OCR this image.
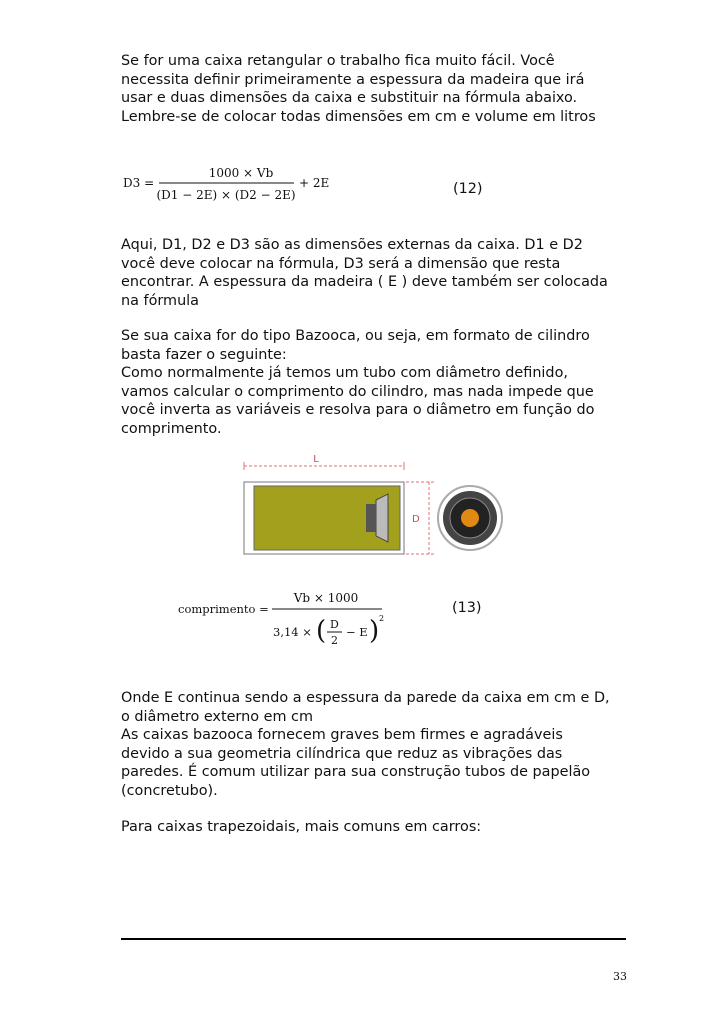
Se for uma caixa retangular o trabalho fica muito fácil. Você
necessita definir primeiramente a espessura da madeira que irá
usar e duas dimensões da caixa e substituir na fórmula abaixo.
Lembre-se de colocar todas dimensões em cm e volume em litros
D3 =
1000 × Vb
(D1 − 2E) × (D2 − 2E)
+ 2E	(12)
Aqui, D1, D2 e D3 são as dimensões externas da caixa. D1 e D2
você deve colocar na fórmula, D3 será a dimensão que resta
encontrar. A espessura da madeira ( E ) deve também ser colocada
na fórmula
Se sua caixa for do tipo Bazooca, ou seja, em formato de cilindro
basta fazer o seguinte:
Como normalmente já temos um tubo com diâmetro definido,
vamos calcular o comprimento do cilindro, mas nada impede que
você inverta as variáveis e resolva para o diâmetro em função do
comprimento.
L
D
comprimento =
Vb × 1000
3,14 × ( D
2
− E ) 2
(13)
Onde E continua sendo a espessura da parede da caixa em cm e D,
o diâmetro externo em cm
As caixas bazooca fornecem graves bem firmes e agradáveis
devido a sua geometria cilíndrica que reduz as vibrações das
paredes. É comum utilizar para sua construção tubos de papelão
(concretubo).
Para caixas trapezoidais, mais comuns em carros:
33
